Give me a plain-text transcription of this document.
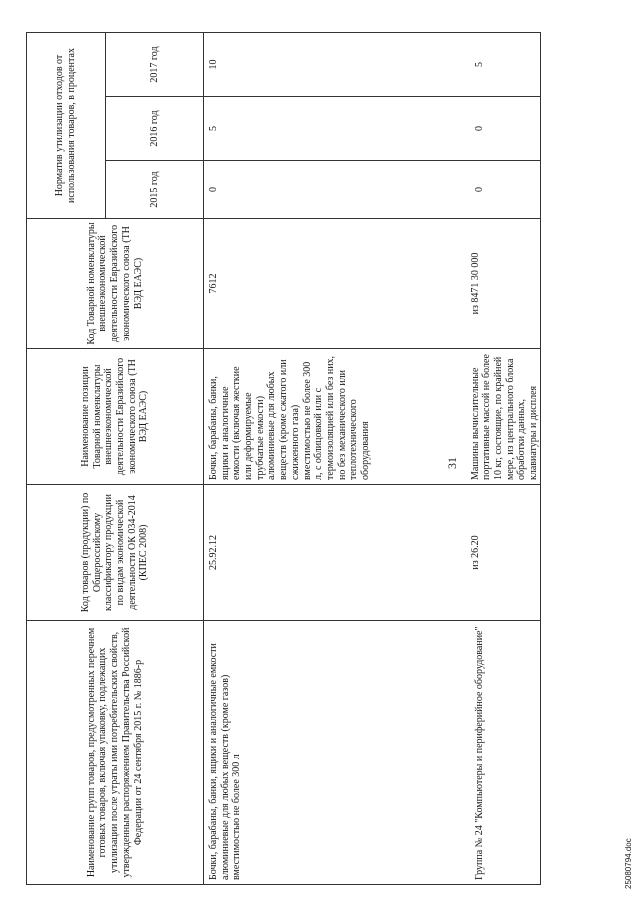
31
Наименование групп товаров, предусмотренных перечнем готовых товаров, включая упаковку, подлежащих утилизации после утраты ими потребительских свойств, утвержденным распоряжением Правительства Российской Федерации от 24 сентября 2015 г. № 1886-р	Код товаров (продукции) по Общероссийскому классификатору продукции по видам экономической деятельности ОК 034-2014 (КПЕС 2008)	Наименование позиции Товарной номенклатуры внешнеэкономической деятельности Евразийского экономического союза (ТН ВЭД ЕАЭС)	Код Товарной номенклатуры внешнеэкономической деятельности Евразийского экономического союза (ТН ВЭД ЕАЭС)	Норматив утилизации отходов от использования товаров, в процентах		
				2015 год	2016 год	2017 год
Бочки, барабаны, банки, ящики и аналогичные емкости алюминиевые для любых веществ (кроме газов) вместимостью не более 300 л	25.92.12	Бочки, барабаны, банки, ящики и аналогичные емкости (включая жесткие или деформируемые трубчатые емкости) алюминиевые для любых веществ (кроме сжатого или сжиженного газа) вместимостью не более 300 л, с облицовкой или с термоизоляцией или без них, но без механического или теплотехнического оборудования	7612	0	5	10
Группа № 24 "Компьютеры и периферийное оборудование"	из 26.20	Машины вычислительные портативные массой не более 10 кг, состоящие, по крайней мере, из центрального блока обработки данных, клавиатуры и дисплея	из 8471 30 000	0	0	5
25080794.doc
